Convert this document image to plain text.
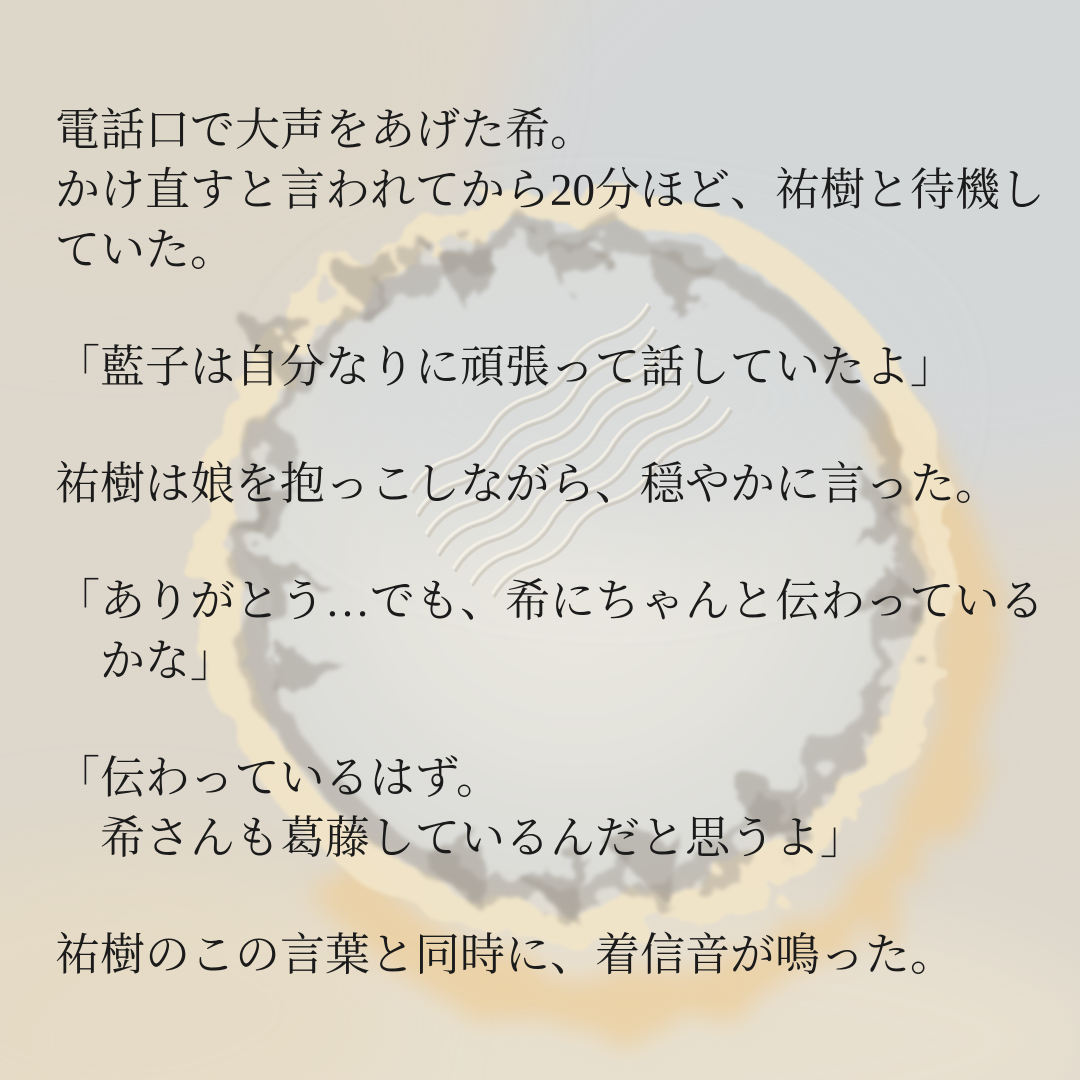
電話口で大声をあげた希。
かけ直すと言われてから20分ほど、祐樹と待機し
ていた。
「藍子は自分なりに頑張って話していたよ」
祐樹は娘を抱っこしながら、穏やかに言った。
「ありがとう…でも、希にちゃんと伝わっている
　かな」
「伝わっているはず。
　希さんも葛藤しているんだと思うよ」
祐樹のこの言葉と同時に、着信音が鳴った。
